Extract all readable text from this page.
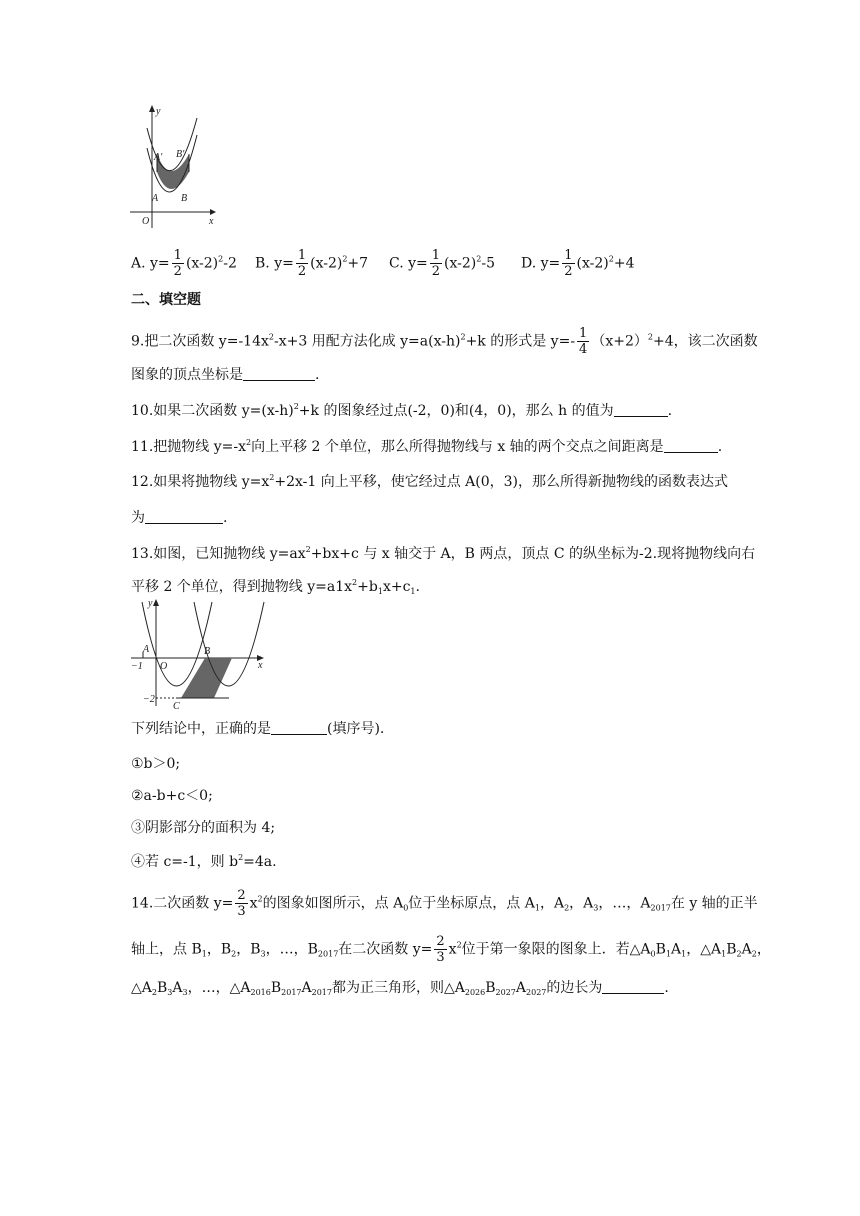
y
x
O
A′ B′
A B
A. $y= \frac{1}{2} (x-2)^2-2$ B. $y= \frac{1}{2} (x-2)^2+7$ C. $y= \frac{1}{2} (x-2)^2-5$ D. $y= \frac{1}{2} (x-2)^2+4$
二、填空题
9.把二次函数 $y=-14x^2-x+3$ 用配方法化成 $y=a(x-h)^2+k$ 的形式是 $y=- \frac{1}{4} (x+2)^2+4$，该二次函数
图象的顶点坐标是	.
10.如果二次函数 $y=(x-h)^2+k$ 的图象经过点(-2，0)和(4，0)，那么 h 的值为	.
11.把抛物线 $y=-x^2$向上平移 2 个单位，那么所得抛物线与 x 轴的两个交点之间距离是	.
12.如果将抛物线 $y=x^2+2x-1$ 向上平移，使它经过点 A(0，3)，那么所得新抛物线的函数表达式
为	.
13.如图，已知抛物线 $y=ax^2+bx+c$ 与 x 轴交于 A，B 两点，顶点 C 的纵坐标为-2.现将抛物线向右
平移 2 个单位，得到抛物线 $y=a1x^2+b_1x+c_1$.
y
x
A	B
O
−1
−2
C
下列结论中，正确的是	(填序号).
①b＞0;
②a-b+c＜0;
③阴影部分的面积为 4;
④若 c=-1，则 $b^2=4a$.
14.二次函数 $y= \frac{2}{3} x^2$的图象如图所示，点 $A_0$位于坐标原点，点 $A_1$，$A_2$，$A_3$，…，$A_{2017}$在 y 轴的正半
轴上，点 $B_1$，$B_2$，$B_3$，…，$B_{2017}$在二次函数 $y= \frac{2}{3} x^2$位于第一象限的图象上．若$\triangle A_0B_1A_1$，$\triangle A_1B_2A_2$，
$\triangle A_2B_3A_3$，…，$\triangle A_{2016}B_{2017}A_{2017}$都为正三角形，则$\triangle A_{2026}B_{2027}A_{2027}$的边长为	.
